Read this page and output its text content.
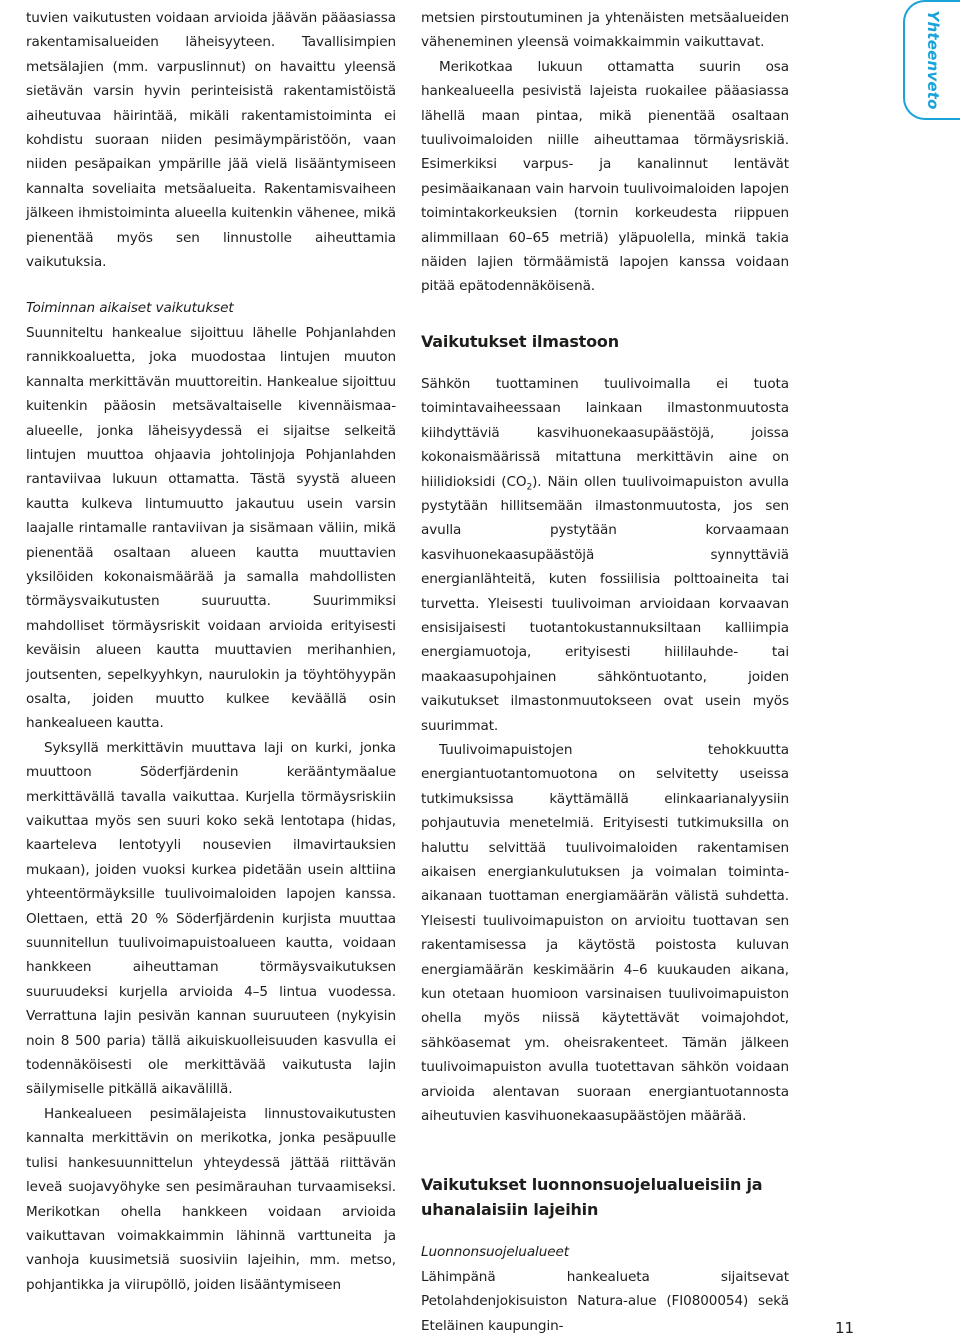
Yhteenveto

tuvien vaikutusten voidaan arvioida jäävän pääasiassa rakentamisalueiden läheisyyteen. Tavallisimpien metsälajien (mm. varpuslinnut) on havaittu yleensä sietävän varsin hyvin perinteisistä rakentamistöistä aiheutuvaa häirintää, mikäli rakentamistoiminta ei kohdistu suoraan niiden pesimäympäristöön, vaan niiden pesäpaikan ympärille jää vielä lisääntymiseen kannalta soveliaita metsäalueita. Rakentamisvaiheen jälkeen ihmistoiminta alueella kuitenkin vähenee, mikä pienentää myös sen linnustolle aiheuttamia vaikutuksia.

Toiminnan aikaiset vaikutukset

Suunniteltu hankealue sijoittuu lähelle Pohjanlahden rannikkoaluetta, joka muodostaa lintujen muuton kannalta merkittävän muuttoreitin. Hankealue sijoittuu kuitenkin pääosin metsävaltaiselle kivennäismaa-alueelle, jonka läheisyydessä ei sijaitse selkeitä lintujen muuttoa ohjaavia johtolinjoja Pohjanlahden rantaviivaa lukuun ottamatta. Tästä syystä alueen kautta kulkeva lintumuutto jakautuu usein varsin laajalle rintamalle rantaviivan ja sisämaan väliin, mikä pienentää osaltaan alueen kautta muuttavien yksilöiden kokonaismäärää ja samalla mahdollisten törmäysvaikutusten suuruutta. Suurimmiksi mahdolliset törmäysriskit voidaan arvioida erityisesti keväisin alueen kautta muuttavien merihanhien, joutsenten, sepelkyyhkyn, naurulokin ja töyhtöhyypän osalta, joiden muutto kulkee keväällä osin hankealueen kautta.

Syksyllä merkittävin muuttava laji on kurki, jonka muuttoon Söderfjärdenin kerääntymäalue merkittävällä tavalla vaikuttaa. Kurjella törmäysriskiin vaikuttaa myös sen suuri koko sekä lentotapa (hidas, kaarteleva lentotyyli nousevien ilmavirtauksien mukaan), joiden vuoksi kurkea pidetään usein alttiina yhteentörmäyksille tuulivoimaloiden lapojen kanssa. Olettaen, että 20 % Söderfjärdenin kurjista muuttaa suunnitellun tuulivoimapuistoalueen kautta, voidaan hankkeen aiheuttaman törmäysvaikutuksen suuruudeksi kurjella arvioida 4–5 lintua vuodessa. Verrattuna lajin pesivän kannan suuruuteen (nykyisin noin 8 500 paria) tällä aikuiskuolleisuuden kasvulla ei todennäköisesti ole merkittävää vaikutusta lajin säilymiselle pitkällä aikavälillä.

Hankealueen pesimälajeista linnustovaikutusten kannalta merkittävin on merikotka, jonka pesäpuulle tulisi hankesuunnittelun yhteydessä jättää riittävän leveä suojavyöhyke sen pesimärauhan turvaamiseksi. Merikotkan ohella hankkeen voidaan arvioida vaikuttavan voimakkaimmin lähinnä varttuneita ja vanhoja kuusimetsiä suosiviin lajeihin, mm. metso, pohjantikka ja viirupöllö, joiden lisääntymiseen

metsien pirstoutuminen ja yhtenäisten metsäalueiden väheneminen yleensä voimakkaimmin vaikuttavat.

Merikotkaa lukuun ottamatta suurin osa hankealueella pesivistä lajeista ruokailee pääasiassa lähellä maan pintaa, mikä pienentää osaltaan tuulivoimaloiden niille aiheuttamaa törmäysriskiä. Esimerkiksi varpus- ja kanalinnut lentävät pesimäaikanaan vain harvoin tuulivoimaloiden lapojen toimintakorkeuksien (tornin korkeudesta riippuen alimmillaan 60–65 metriä) yläpuolella, minkä takia näiden lajien törmäämistä lapojen kanssa voidaan pitää epätodennäköisenä.

Vaikutukset ilmastoon

Sähkön tuottaminen tuulivoimalla ei tuota toimintavaiheessaan lainkaan ilmastonmuutosta kiihdyttäviä kasvihuonekaasupäästöjä, joissa kokonaismäärissä mitattuna merkittävin aine on hiilidioksidi $(CO_2)$. Näin ollen tuulivoimapuiston avulla pystytään hillitsemään ilmastonmuutosta, jos sen avulla pystytään korvaamaan kasvihuonekaasupäästöjä synnyttäviä energianlähteitä, kuten fossiilisia polttoaineita tai turvetta. Yleisesti tuulivoiman arvioidaan korvaavan ensisijaisesti tuotantokustannuksiltaan kalliimpia energiamuotoja, erityisesti hiililauhde- tai maakaasupohjainen sähköntuotanto, joiden vaikutukset ilmastonmuutokseen ovat usein myös suurimmat.

Tuulivoimapuistojen tehokkuutta energiantuotantomuotona on selvitetty useissa tutkimuksissa käyttämällä elinkaarianalyysiin pohjautuvia menetelmiä. Erityisesti tutkimuksilla on haluttu selvittää tuulivoimaloiden rakentamisen aikaisen energiankulutuksen ja voimalan toiminta-aikanaan tuottaman energiamäärän välistä suhdetta. Yleisesti tuulivoimapuiston on arvioitu tuottavan sen rakentamisessa ja käytöstä poistosta kuluvan energiamäärän keskimäärin 4–6 kuukauden aikana, kun otetaan huomioon varsinaisen tuulivoimapuiston ohella myös niissä käytettävät voimajohdot, sähköasemat ym. oheisrakenteet. Tämän jälkeen tuulivoimapuiston avulla tuotettavan sähkön voidaan arvioida alentavan suoraan energiantuotannosta aiheutuvien kasvihuonekaasupäästöjen määrää.

Vaikutukset luonnonsuojelualueisiin ja uhanalaisiin lajeihin

Luonnonsuojelualueet

Lähimpänä hankealueta sijaitsevat Petolahdenjokisuiston Natura-alue (FI0800054) sekä Eteläinen kaupungin-	11
